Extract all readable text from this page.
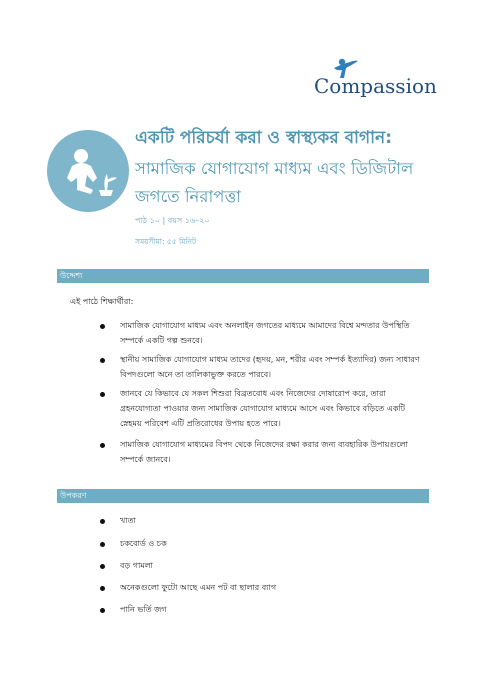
Compassion
একটি পরিচর্যা করা ও স্বাস্থ্যকর বাগান:
সামাজিক যোগাযোগ মাধ্যম এবং ডিজিটাল
জগতে নিরাপত্তা
পাঠ ১০ | বয়স ১৬–২০
সময়সীমা: ৫৫ মিনিট
উদ্দেশ্য
এই পাঠে শিক্ষার্থীরা:
সামাজিক যোগাযোগ মাধ্যম এবং অনলাইন জগতের মাধ্যমে আমাদের বিশ্বে মন্দতার উপস্থিতি সম্পর্কে একটি গল্প শুনবে।
স্থানীয় সামাজিক যোগাযোগ মাধ্যম তাদের (হৃদয়, মন, শরীর এবং সম্পর্ক ইত্যাদির) জন্য সাধারণ বিপদগুলো অনে তা তালিকাভুক্ত করতে পারবে।
জানবে যে কিভাবে যে সকল শিশুরা বিব্রতবোধ এবং নিজেদের দোষারোপ করে, তারা গ্রহনযোগ্যতা পাওয়ার জন্য সামাজিক যোগাযোগ মাধ্যমে আসে এবং কিভাবে বড়িতে একটি স্নেহময় পরিবেশ এটি প্রতিরোধের উপায় হতে পারে।
সামাজিক যোগাযোগ মাধ্যমের বিপদ থেকে নিজেদের রক্ষা করার জন্য ব্যবহারিক উপায়গুলো সম্পর্কে জানবে।
উপকরণ
খাতা
চকবোর্ড ও চক
বড় গামলা
অনেকগুলো ফুটো আছে এমন পট বা ছালার ব্যাগ
পানি ভর্তি জগ
